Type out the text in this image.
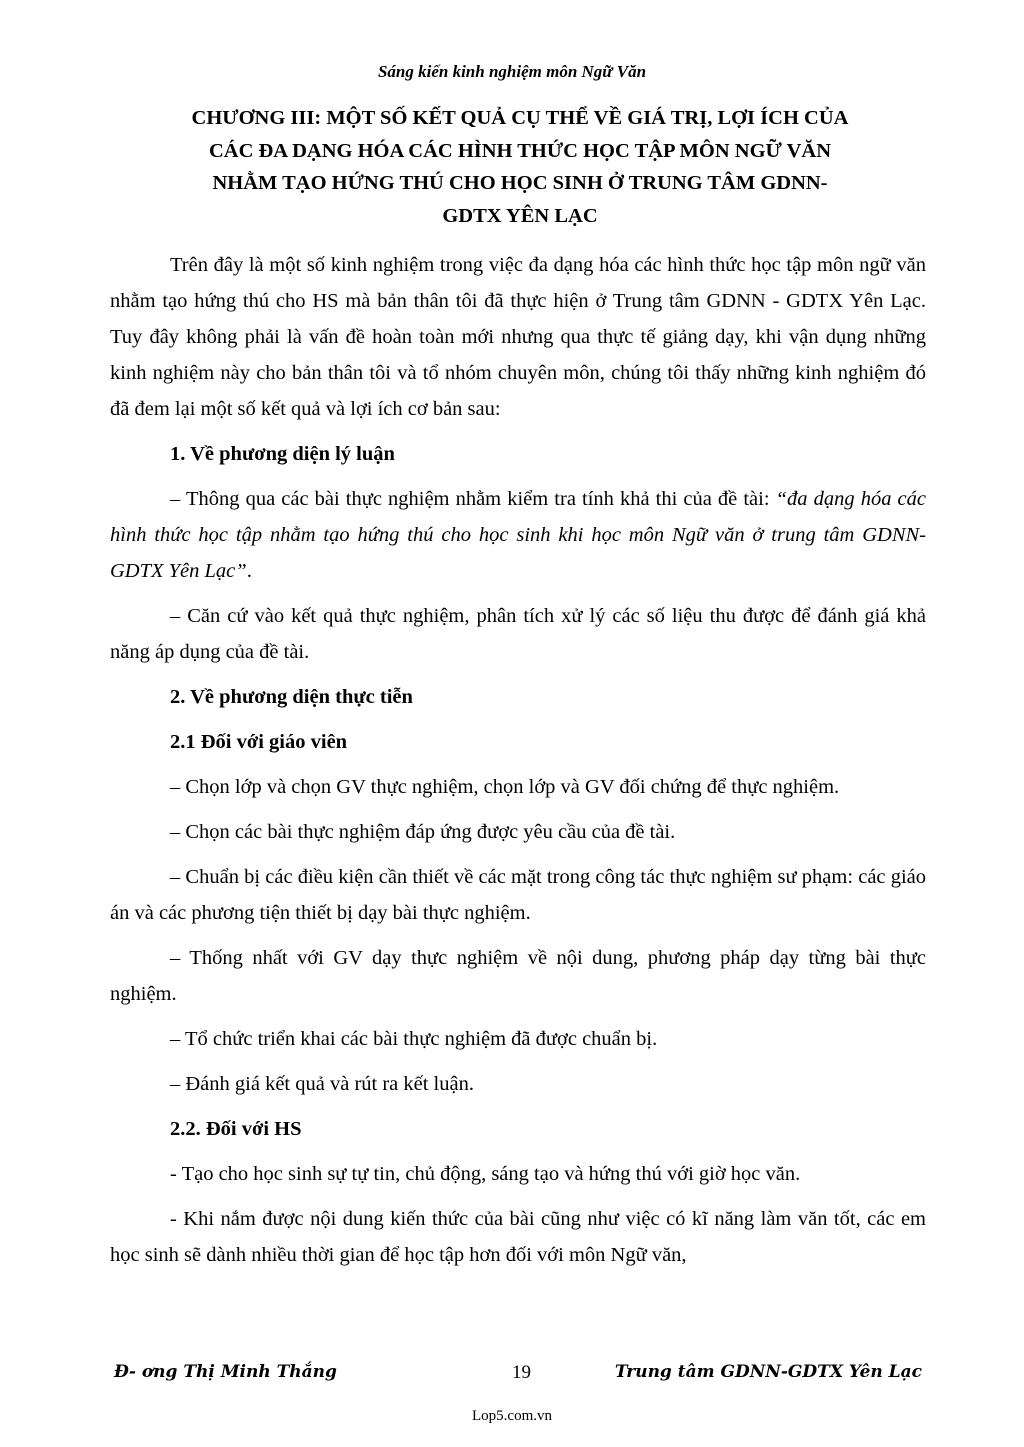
Sáng kiến kinh nghiệm môn Ngữ Văn
CHƯƠNG III: MỘT SỐ KẾT QUẢ CỤ THỂ VỀ GIÁ TRỊ, LỢI ÍCH CỦA
CÁC ĐA DẠNG HÓA CÁC HÌNH THỨC HỌC TẬP MÔN NGỮ VĂN
NHẰM TẠO HỨNG THÚ CHO HỌC SINH Ở TRUNG TÂM GDNN-
GDTX YÊN LẠC

Trên đây là một số kinh nghiệm trong việc đa dạng hóa các hình thức học tập môn ngữ văn nhằm tạo hứng thú cho HS mà bản thân tôi đã thực hiện ở Trung tâm GDNN - GDTX Yên Lạc. Tuy đây không phải là vấn đề hoàn toàn mới nhưng qua thực tế giảng dạy, khi vận dụng những kinh nghiệm này cho bản thân tôi và tổ nhóm chuyên môn, chúng tôi thấy những kinh nghiệm đó đã đem lại một số kết quả và lợi ích cơ bản sau:

1. Về phương diện lý luận

– Thông qua các bài thực nghiệm nhằm kiểm tra tính khả thi của đề tài: “đa dạng hóa các hình thức học tập nhằm tạo hứng thú cho học sinh khi học môn Ngữ văn ở trung tâm GDNN-GDTX Yên Lạc”.

– Căn cứ vào kết quả thực nghiệm, phân tích xử lý các số liệu thu được để đánh giá khả năng áp dụng của đề tài.

2. Về phương diện thực tiễn

2.1 Đối với giáo viên

– Chọn lớp và chọn GV thực nghiệm, chọn lớp và GV đối chứng để thực nghiệm.

– Chọn các bài thực nghiệm đáp ứng được yêu cầu của đề tài.

– Chuẩn bị các điều kiện cần thiết về các mặt trong công tác thực nghiệm sư phạm: các giáo án và các phương tiện thiết bị dạy bài thực nghiệm.

– Thống nhất với GV dạy thực nghiệm về nội dung, phương pháp dạy từng bài thực nghiệm.

– Tổ chức triển khai các bài thực nghiệm đã được chuẩn bị.

– Đánh giá kết quả và rút ra kết luận.

2.2. Đối với HS

- Tạo cho học sinh sự tự tin, chủ động, sáng tạo và hứng thú với giờ học văn.

- Khi nắm được nội dung kiến thức của bài cũng như việc có kĩ năng làm văn tốt, các em học sinh sẽ dành nhiều thời gian để học tập hơn đối với môn Ngữ văn,

Đ- ơng Thị Minh Thắng	19	Trung tâm GDNN-GDTX Yên Lạc
Lop5.com.vn
